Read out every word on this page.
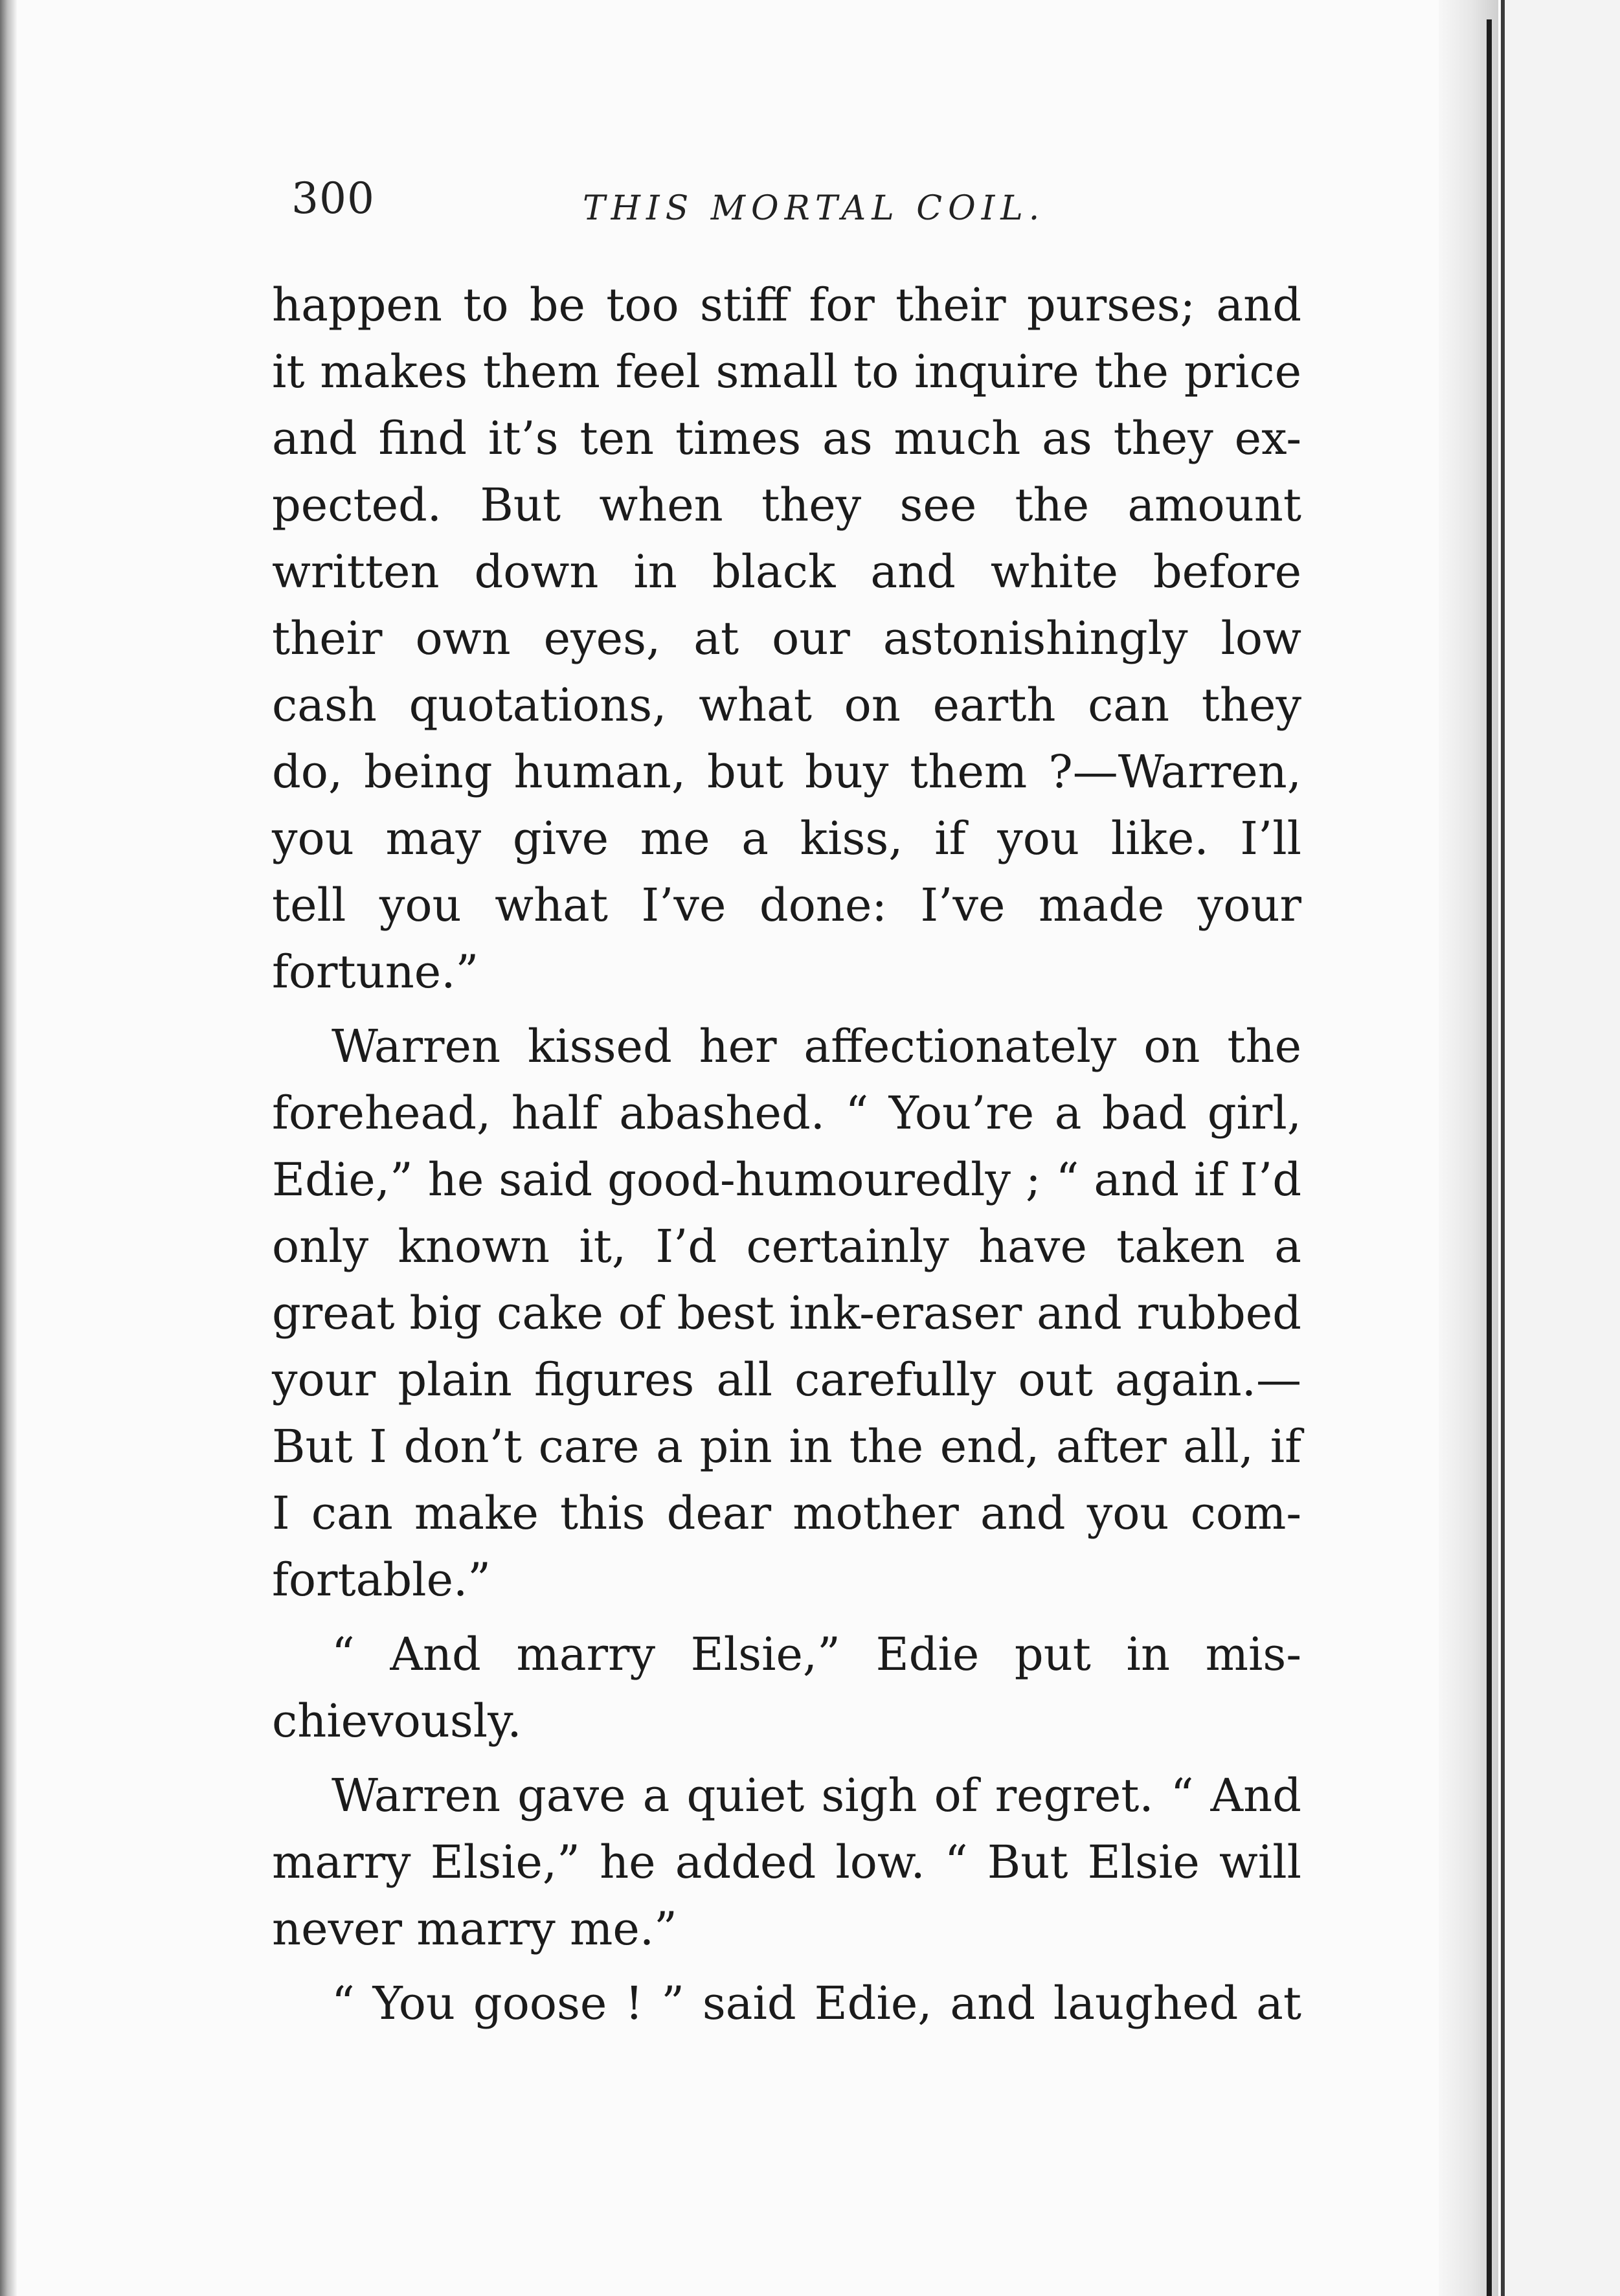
300	THIS MORTAL COIL.
happen to be too stiff for their purses; and
it makes them feel small to inquire the price
and find it’s ten times as much as they ex-
pected. But when they see the amount
written down in black and white before
their own eyes, at our astonishingly low
cash quotations, what on earth can they
do, being human, but buy them ?—Warren,
you may give me a kiss, if you like. I’ll
tell you what I’ve done: I’ve made your
fortune.”
Warren kissed her affectionately on the
forehead, half abashed. “ You’re a bad girl,
Edie,” he said good-humouredly ; “ and if I’d
only known it, I’d certainly have taken a
great big cake of best ink-eraser and rubbed
your plain figures all carefully out again.—
But I don’t care a pin in the end, after all, if
I can make this dear mother and you com-
fortable.”
“ And marry Elsie,” Edie put in mis-
chievously.
Warren gave a quiet sigh of regret. “ And
marry Elsie,” he added low. “ But Elsie will
never marry me.”
“ You goose ! ” said Edie, and laughed at
